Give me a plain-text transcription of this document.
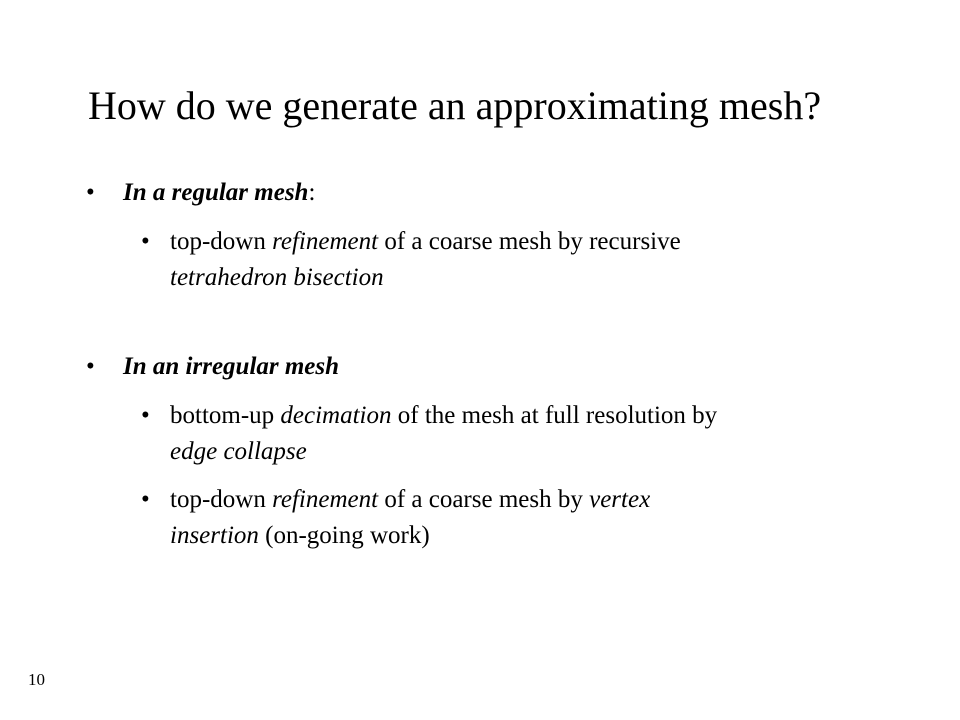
How do we generate an approximating mesh?
• In a regular mesh:
• top-down refinement of a coarse mesh by recursive
tetrahedron bisection
• In an irregular mesh
• bottom-up decimation of the mesh at full resolution by
edge collapse
• top-down refinement of a coarse mesh by vertex
insertion (on-going work)
10
